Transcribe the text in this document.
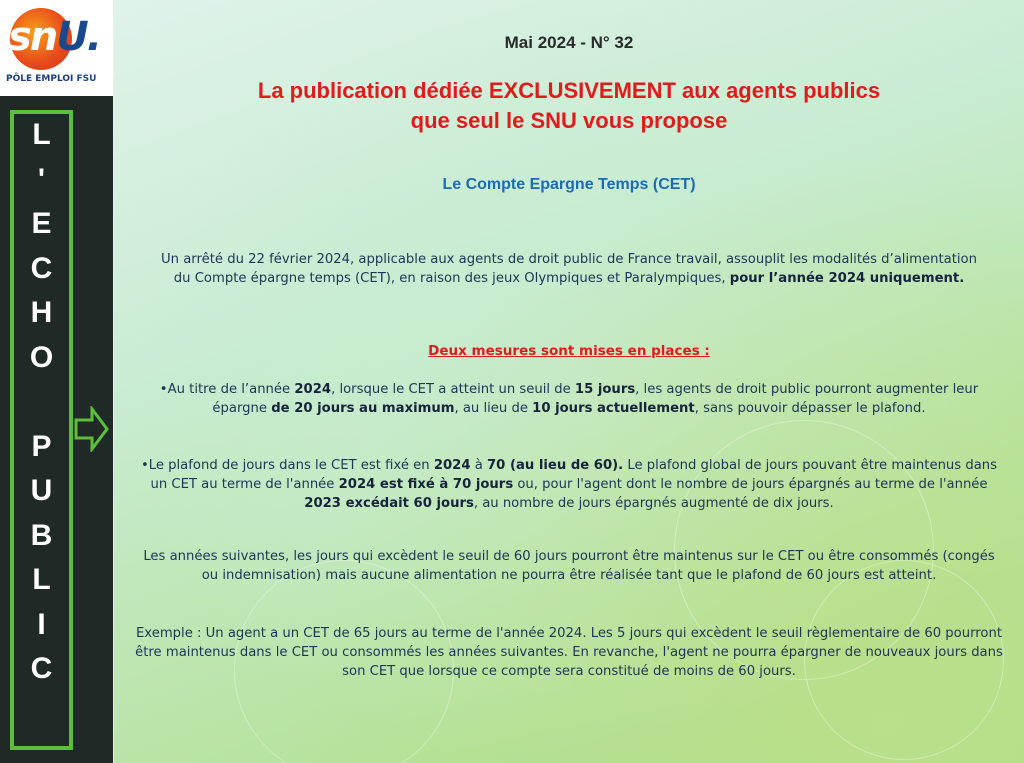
snU.
PÔLE EMPLOI FSU
L
'
E
C
H
O
P
U
B
L
I
C
Mai 2024 - N° 32
La publication dédiée EXCLUSIVEMENT aux agents publics
que seul le SNU vous propose
Le Compte Epargne Temps (CET)
Un arrêté du 22 février 2024, applicable aux agents de droit public de France travail, assouplit les modalités d’alimentation du Compte épargne temps (CET), en raison des jeux Olympiques et Paralympiques, pour l’année 2024 uniquement.
Deux mesures sont mises en places :
•Au titre de l’année 2024, lorsque le CET a atteint un seuil de 15 jours, les agents de droit public pourront augmenter leur épargne de 20 jours au maximum, au lieu de 10 jours actuellement, sans pouvoir dépasser le plafond.
•Le plafond de jours dans le CET est fixé en 2024 à 70 (au lieu de 60). Le plafond global de jours pouvant être maintenus dans un CET au terme de l'année 2024 est fixé à 70 jours ou, pour l'agent dont le nombre de jours épargnés au terme de l'année 2023 excédait 60 jours, au nombre de jours épargnés augmenté de dix jours.
Les années suivantes, les jours qui excèdent le seuil de 60 jours pourront être maintenus sur le CET ou être consommés (congés ou indemnisation) mais aucune alimentation ne pourra être réalisée tant que le plafond de 60 jours est atteint.
Exemple : Un agent a un CET de 65 jours au terme de l'année 2024. Les 5 jours qui excèdent le seuil règlementaire de 60 pourront être maintenus dans le CET ou consommés les années suivantes. En revanche, l'agent ne pourra épargner de nouveaux jours dans son CET que lorsque ce compte sera constitué de moins de 60 jours.
